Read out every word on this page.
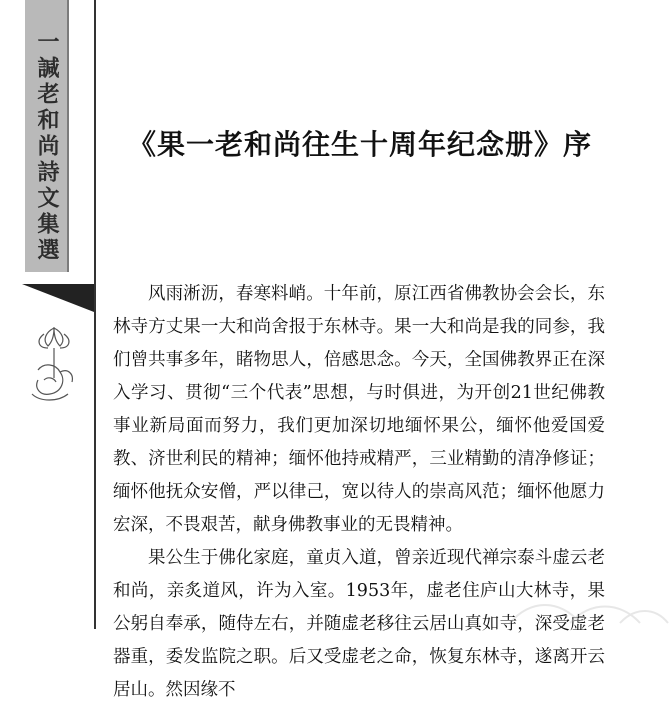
一諴老和尚詩文集選	《果一老和尚往生十周年纪念册》序

风雨淅沥，春寒料峭。十年前，原江西省佛教协会会长，东林寺方丈果一大和尚舍报于东林寺。果一大和尚是我的同参，我们曾共事多年，睹物思人，倍感思念。今天，全国佛教界正在深入学习、贯彻“三个代表”思想，与时俱进，为开创21世纪佛教事业新局面而努力，我们更加深切地缅怀果公，缅怀他爱国爱教、济世利民的精神；缅怀他持戒精严，三业精勤的清净修证；缅怀他抚众安僧，严以律己，宽以待人的崇高风范；缅怀他愿力宏深，不畏艰苦，献身佛教事业的无畏精神。

果公生于佛化家庭，童贞入道，曾亲近现代禅宗泰斗虚云老和尚，亲炙道风，许为入室。1953年，虚老住庐山大林寺，果公躬自奉承，随侍左右，并随虚老移往云居山真如寺，深受虚老器重，委发监院之职。后又受虚老之命，恢复东林寺，遂离开云居山。然因缘不
